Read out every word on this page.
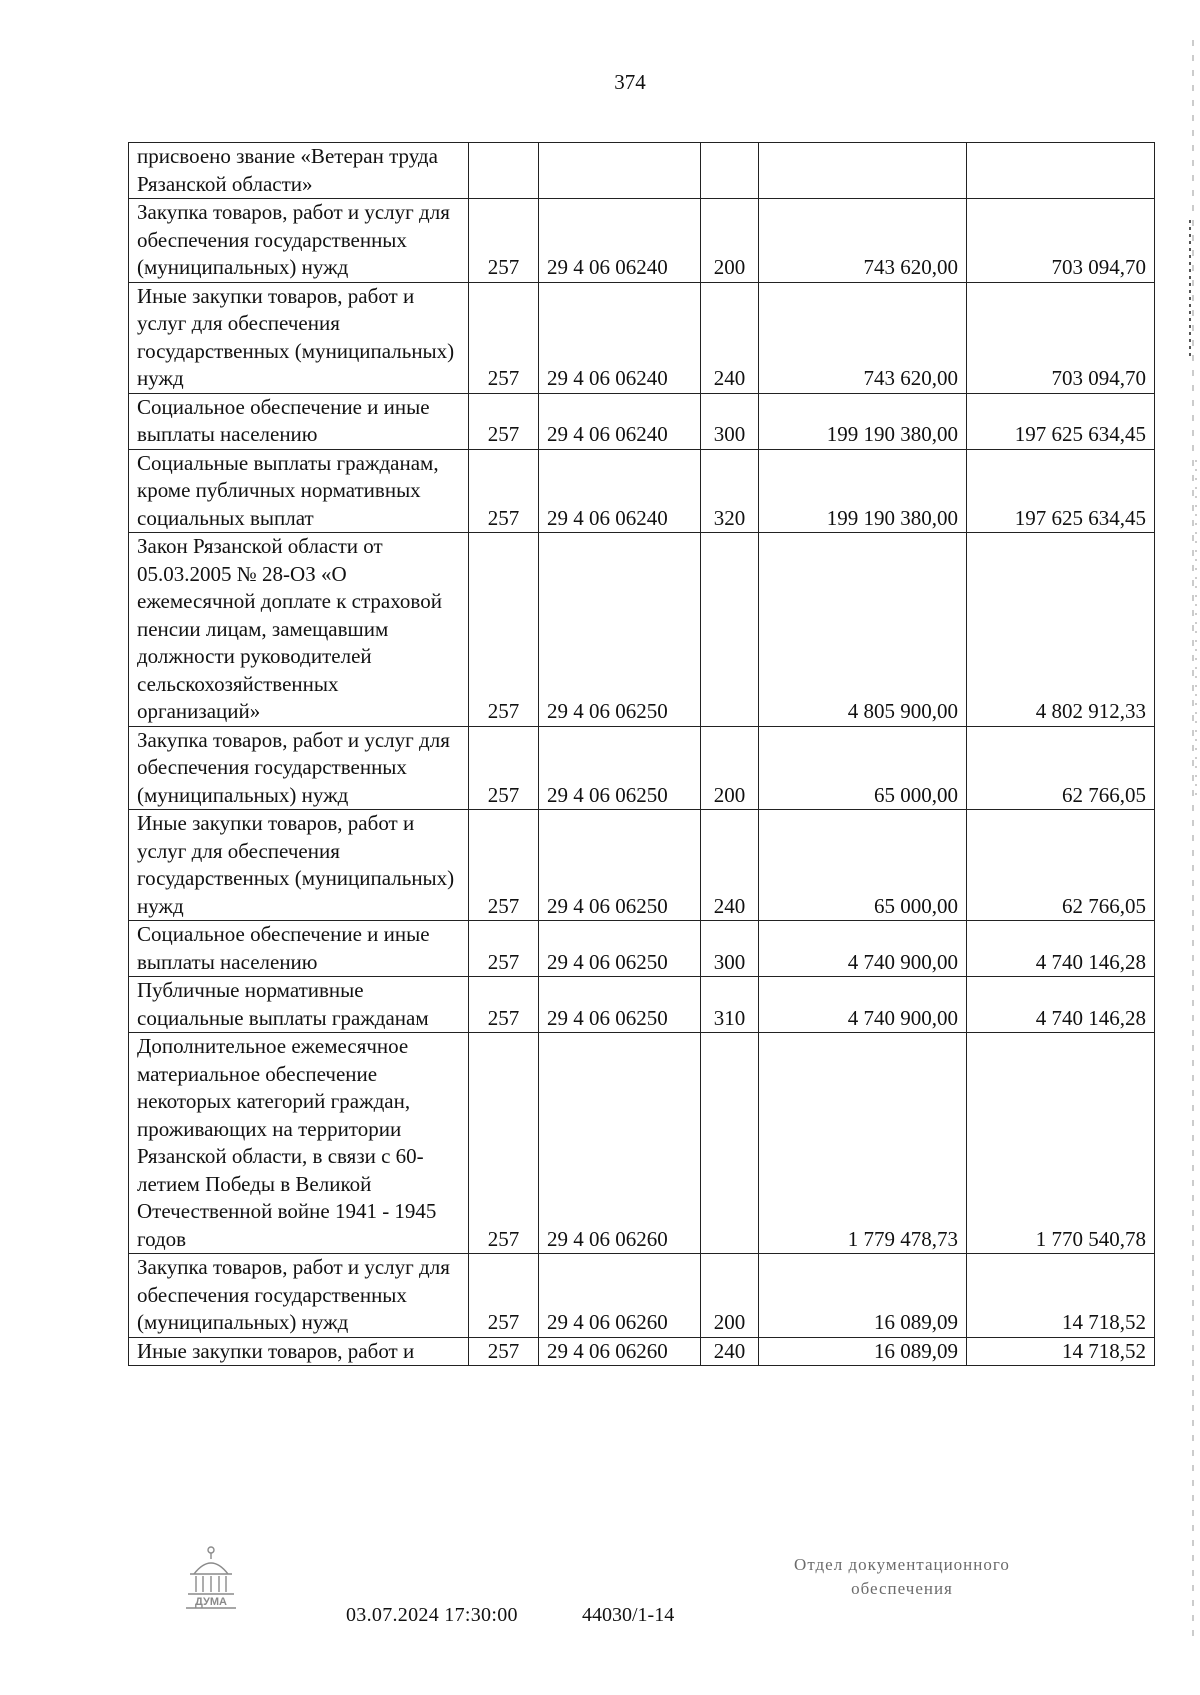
374
присвоено звание «Ветеран труда Рязанской области»					
Закупка товаров, работ и услуг для обеспечения государственных (муниципальных) нужд	257	29 4 06 06240	200	743 620,00	703 094,70
Иные закупки товаров, работ и услуг для обеспечения государственных (муниципальных) нужд	257	29 4 06 06240	240	743 620,00	703 094,70
Социальное обеспечение и иные выплаты населению	257	29 4 06 06240	300	199 190 380,00	197 625 634,45
Социальные выплаты гражданам, кроме публичных нормативных социальных выплат	257	29 4 06 06240	320	199 190 380,00	197 625 634,45
Закон Рязанской области от 05.03.2005 № 28-ОЗ «О ежемесячной доплате к страховой пенсии лицам, замещавшим должности руководителей сельскохозяйственных организаций»	257	29 4 06 06250		4 805 900,00	4 802 912,33
Закупка товаров, работ и услуг для обеспечения государственных (муниципальных) нужд	257	29 4 06 06250	200	65 000,00	62 766,05
Иные закупки товаров, работ и услуг для обеспечения государственных (муниципальных) нужд	257	29 4 06 06250	240	65 000,00	62 766,05
Социальное обеспечение и иные выплаты населению	257	29 4 06 06250	300	4 740 900,00	4 740 146,28
Публичные нормативные социальные выплаты гражданам	257	29 4 06 06250	310	4 740 900,00	4 740 146,28
Дополнительное ежемесячное материальное обеспечение некоторых категорий граждан, проживающих на территории Рязанской области, в связи с 60-летием Победы в Великой Отечественной войне 1941 - 1945 годов	257	29 4 06 06260		1 779 478,73	1 770 540,78
Закупка товаров, работ и услуг для обеспечения государственных (муниципальных) нужд	257	29 4 06 06260	200	16 089,09	14 718,52
Иные закупки товаров, работ и	257	29 4 06 06260	240	16 089,09	14 718,52
ДУМА
03.07.2024 17:30:00	44030/1-14
Отдел документационного
обеспечения
